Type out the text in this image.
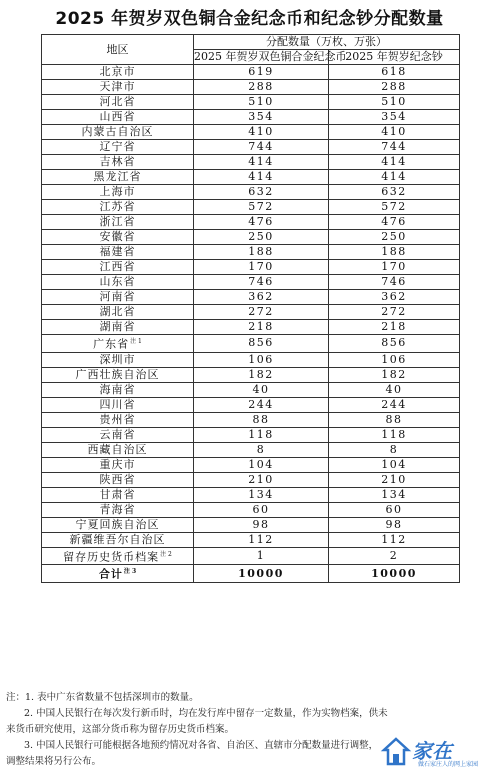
2025 年贺岁双色铜合金纪念币和纪念钞分配数量
地区	分配数量（万枚、万张）	
	2025 年贺岁双色铜合金纪念币	2025 年贺岁纪念钞
北京市	619	618
天津市	288	288
河北省	510	510
山西省	354	354
内蒙古自治区	410	410
辽宁省	744	744
吉林省	414	414
黑龙江省	414	414
上海市	632	632
江苏省	572	572
浙江省	476	476
安徽省	250	250
福建省	188	188
江西省	170	170
山东省	746	746
河南省	362	362
湖北省	272	272
湖南省	218	218
广东省$^{注 1}$	856	856
深圳市	106	106
广西壮族自治区	182	182
海南省	40	40
四川省	244	244
贵州省	88	88
云南省	118	118
西藏自治区	8	8
重庆市	104	104
陕西省	210	210
甘肃省	134	134
青海省	60	60
宁夏回族自治区	98	98
新疆维吾尔自治区	112	112
留存历史货币档案$^{注 2}$	1	2
合计$^{注 3}$	10000	10000
注：1. 表中广东省数量不包括深圳市的数量。
2. 中国人民银行在每次发行新币时，均在发行库中留存一定数量，作为实物档案，供未
来货币研究使用，这部分货币称为留存历史货币档案。
3. 中国人民银行可能根据各地预约情况对各省、自治区、直辖市分配数量进行调整，
调整结果将另行公布。	家在
做石家庄人的网上家园
